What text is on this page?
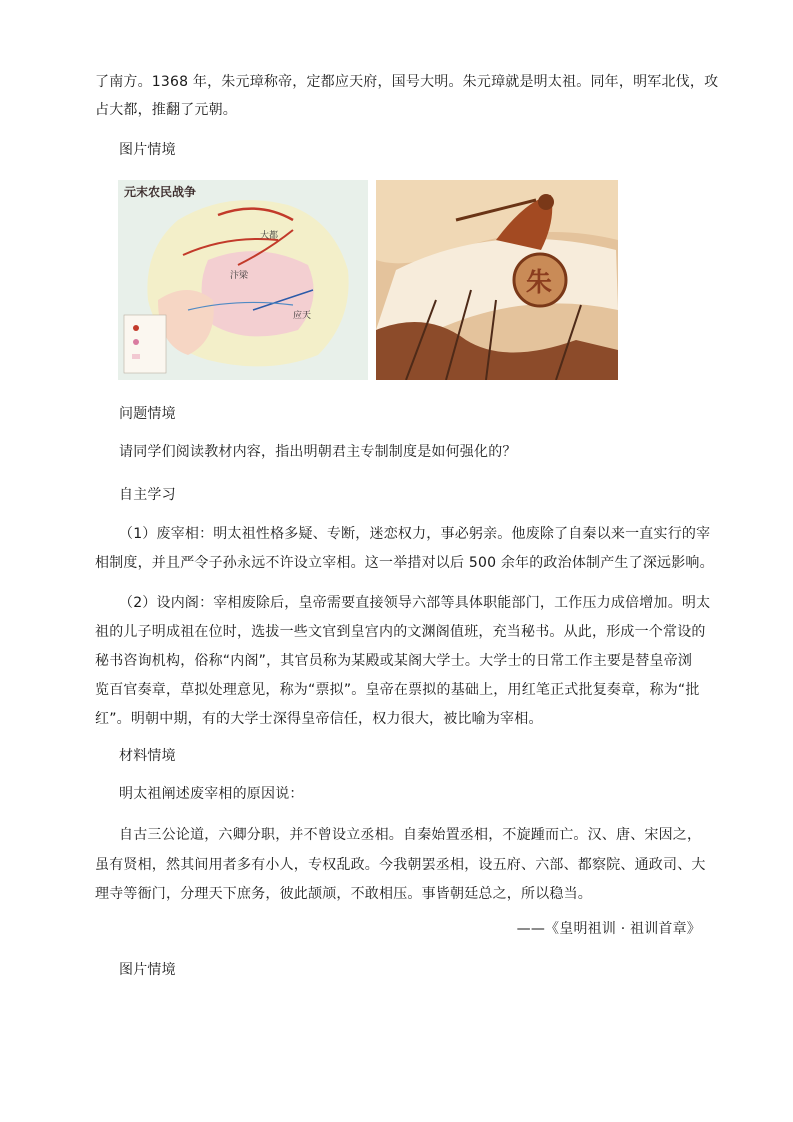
了南方。1368 年，朱元璋称帝，定都应天府，国号大明。朱元璋就是明太祖。同年，明军北伐，攻
占大都，推翻了元朝。
图片情境
元末农民战争
大都
汴梁
应天
朱
问题情境
请同学们阅读教材内容，指出明朝君主专制制度是如何强化的？
自主学习
（1）废宰相：明太祖性格多疑、专断，迷恋权力，事必躬亲。他废除了自秦以来一直实行的宰
相制度，并且严令子孙永远不许设立宰相。这一举措对以后 500 余年的政治体制产生了深远影响。
（2）设内阁：宰相废除后，皇帝需要直接领导六部等具体职能部门，工作压力成倍增加。明太
祖的儿子明成祖在位时，选拔一些文官到皇宫内的文渊阁值班，充当秘书。从此，形成一个常设的
秘书咨询机构，俗称“内阁”，其官员称为某殿或某阁大学士。大学士的日常工作主要是替皇帝浏
览百官奏章，草拟处理意见，称为“票拟”。皇帝在票拟的基础上，用红笔正式批复奏章，称为“批
红”。明朝中期，有的大学士深得皇帝信任，权力很大，被比喻为宰相。
材料情境
明太祖阐述废宰相的原因说：
自古三公论道，六卿分职，并不曾设立丞相。自秦始置丞相，不旋踵而亡。汉、唐、宋因之，
虽有贤相，然其间用者多有小人，专权乱政。今我朝罢丞相，设五府、六部、都察院、通政司、大
理寺等衙门，分理天下庶务，彼此颉颃，不敢相压。事皆朝廷总之，所以稳当。
——《皇明祖训 · 祖训首章》
图片情境
